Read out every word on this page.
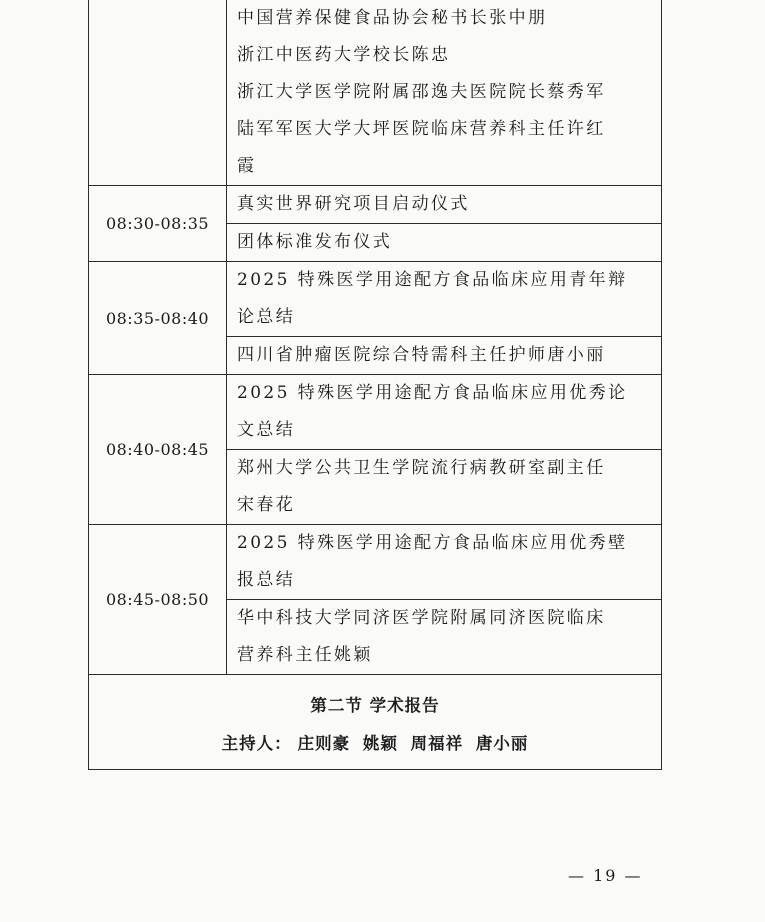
	中国营养保健食品协会秘书长张中朋

	浙江中医药大学校长陈忠

	浙江大学医学院附属邵逸夫医院院长蔡秀军

	陆军军医大学大坪医院临床营养科主任许红
霞

08:30-08:35	真实世界研究项目启动仪式

	团体标准发布仪式

08:35-08:40	2025 特殊医学用途配方食品临床应用青年辩
论总结

	四川省肿瘤医院综合特需科主任护师唐小丽

08:40-08:45	2025 特殊医学用途配方食品临床应用优秀论
文总结

	郑州大学公共卫生学院流行病教研室副主任
宋春花

08:45-08:50	2025 特殊医学用途配方食品临床应用优秀壁
报总结

	华中科技大学同济医学院附属同济医院临床
营养科主任姚颖

第二节 学术报告
主持人： 庄则豪 姚颖 周福祥 唐小丽	
— 19 —
